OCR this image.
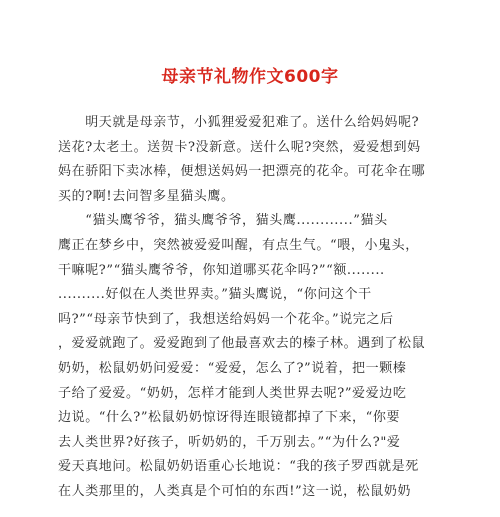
母亲节礼物作文600字

　　明天就是母亲节，小狐狸爱爱犯难了。送什么给妈妈呢?
送花?太老土。送贺卡?没新意。送什么呢?突然，爱爱想到妈
妈在骄阳下卖冰棒，便想送妈妈一把漂亮的花伞。可花伞在哪
买的?啊!去问智多星猫头鹰。

　　“猫头鹰爷爷，猫头鹰爷爷，猫头鹰............”猫头
鹰正在梦乡中，突然被爱爱叫醒，有点生气。“喂，小鬼头，
干嘛呢?”“猫头鹰爷爷，你知道哪买花伞吗?”“额........
..........好似在人类世界卖。”猫头鹰说，“你问这个干
吗?”“母亲节快到了，我想送给妈妈一个花伞。”说完之后
，爱爱就跑了。爱爱跑到了他最喜欢去的榛子林。遇到了松鼠
奶奶，松鼠奶奶问爱爱：“爱爱，怎么了?”说着，把一颗榛
子给了爱爱。“奶奶，怎样才能到人类世界去呢?”爱爱边吃
边说。“什么?”松鼠奶奶惊讶得连眼镜都掉了下来，“你要
去人类世界?好孩子，听奶奶的，千万别去。”“为什么?"爱
爱天真地问。松鼠奶奶语重心长地说：“我的孩子罗西就是死
在人类那里的，人类真是个可怕的东西!”这一说，松鼠奶奶
